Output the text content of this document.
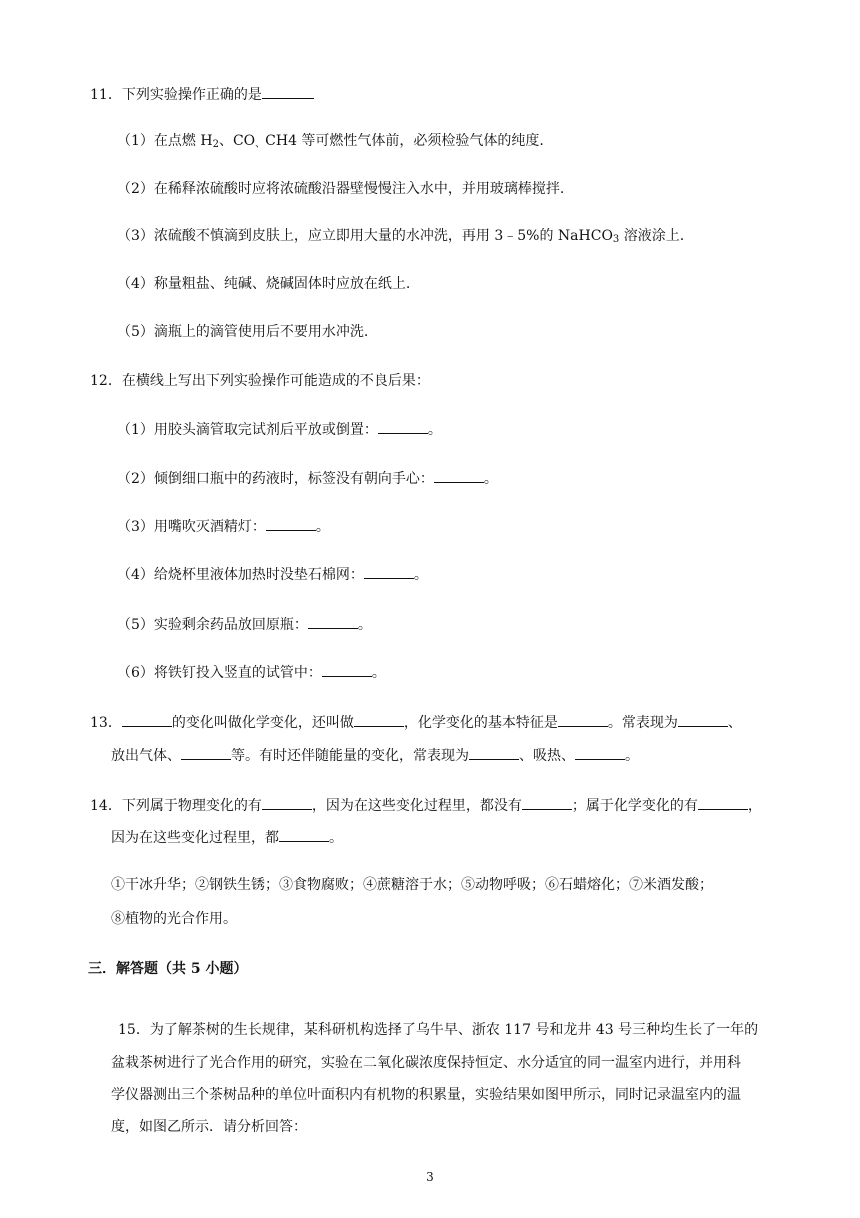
11．下列实验操作正确的是
（1）在点燃 $H_2$、$CO_、CH4$ 等可燃性气体前，必须检验气体的纯度.
（2）在稀释浓硫酸时应将浓硫酸沿器壁慢慢注入水中，并用玻璃棒搅拌.
（3）浓硫酸不慎滴到皮肤上，应立即用大量的水冲洗，再用 3﹣5%的 NaHCO$_3$ 溶液涂上.
（4）称量粗盐、纯碱、烧碱固体时应放在纸上.
（5）滴瓶上的滴管使用后不要用水冲洗.
12．在横线上写出下列实验操作可能造成的不良后果：
（1）用胶头滴管取完试剂后平放或倒置：	。
（2）倾倒细口瓶中的药液时，标签没有朝向手心：	。
（3）用嘴吹灭酒精灯：	。
（4）给烧杯里液体加热时没垫石棉网：	。
（5）实验剩余药品放回原瓶：	。
（6）将铁钉投入竖直的试管中：	。
13．	的变化叫做化学变化，还叫做	，化学变化的基本特征是	。常表现为	、
放出气体、	等。有时还伴随能量的变化，常表现为	、吸热、	。
14．下列属于物理变化的有	，因为在这些变化过程里，都没有	；属于化学变化的有	，
因为在这些变化过程里，都	。
①干冰升华；②钢铁生锈；③食物腐败；④蔗糖溶于水；⑤动物呼吸；⑥石蜡熔化；⑦米酒发酸；
⑧植物的光合作用。
三．解答题（共 5 小题）
15．为了解茶树的生长规律，某科研机构选择了乌牛早、浙农 117 号和龙井 43 号三种均生长了一年的
盆栽茶树进行了光合作用的研究，实验在二氧化碳浓度保持恒定、水分适宜的同一温室内进行，并用科
学仪器测出三个茶树品种的单位叶面积内有机物的积累量，实验结果如图甲所示，同时记录温室内的温
度，如图乙所示．请分析回答：
3
